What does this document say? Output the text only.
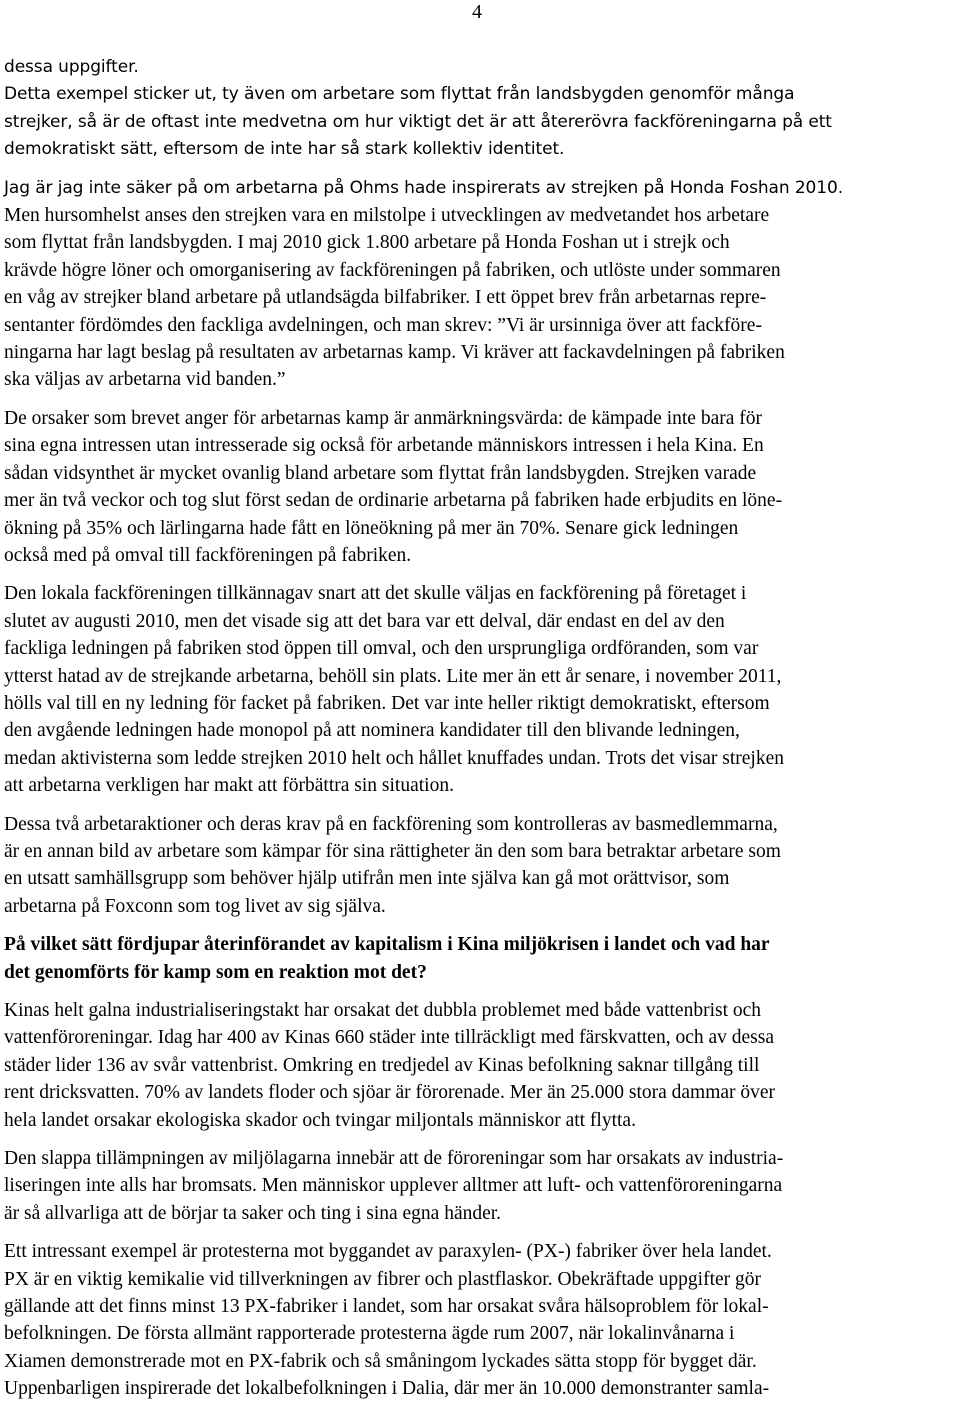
4

dessa uppgifter.

Detta exempel sticker ut, ty även om arbetare som flyttat från landsbygden genomför många
strejker, så är de oftast inte medvetna om hur viktigt det är att återerövra fackföreningarna på ett
demokratiskt sätt, eftersom de inte har så stark kollektiv identitet.

Jag är jag inte säker på om arbetarna på Ohms hade inspirerats av strejken på Honda Foshan 2010.

Men hursomhelst anses den strejken vara en milstolpe i utvecklingen av medvetandet hos arbetare
som flyttat från landsbygden. I maj 2010 gick 1.800 arbetare på Honda Foshan ut i strejk och
krävde högre löner och omorganisering av fackföreningen på fabriken, och utlöste under sommaren
en våg av strejker bland arbetare på utlandsägda bilfabriker. I ett öppet brev från arbetarnas repre-
sentanter fördömdes den fackliga avdelningen, och man skrev: ”Vi är ursinniga över att fackföre-
ningarna har lagt beslag på resultaten av arbetarnas kamp. Vi kräver att fackavdelningen på fabriken
ska väljas av arbetarna vid banden.”

De orsaker som brevet anger för arbetarnas kamp är anmärkningsvärda: de kämpade inte bara för
sina egna intressen utan intresserade sig också för arbetande människors intressen i hela Kina. En
sådan vidsynthet är mycket ovanlig bland arbetare som flyttat från landsbygden. Strejken varade
mer än två veckor och tog slut först sedan de ordinarie arbetarna på fabriken hade erbjudits en löne-
ökning på 35% och lärlingarna hade fått en löneökning på mer än 70%. Senare gick ledningen
också med på omval till fackföreningen på fabriken.

Den lokala fackföreningen tillkännagav snart att det skulle väljas en fackförening på företaget i
slutet av augusti 2010, men det visade sig att det bara var ett delval, där endast en del av den
fackliga ledningen på fabriken stod öppen till omval, och den ursprungliga ordföranden, som var
ytterst hatad av de strejkande arbetarna, behöll sin plats. Lite mer än ett år senare, i november 2011,
hölls val till en ny ledning för facket på fabriken. Det var inte heller riktigt demokratiskt, eftersom
den avgående ledningen hade monopol på att nominera kandidater till den blivande ledningen,
medan aktivisterna som ledde strejken 2010 helt och hållet knuffades undan. Trots det visar strejken
att arbetarna verkligen har makt att förbättra sin situation.

Dessa två arbetaraktioner och deras krav på en fackförening som kontrolleras av basmedlemmarna,
är en annan bild av arbetare som kämpar för sina rättigheter än den som bara betraktar arbetare som
en utsatt samhällsgrupp som behöver hjälp utifrån men inte själva kan gå mot orättvisor, som
arbetarna på Foxconn som tog livet av sig själva.

På vilket sätt fördjupar återinförandet av kapitalism i Kina miljökrisen i landet och vad har
det genomförts för kamp som en reaktion mot det?

Kinas helt galna industrialiseringstakt har orsakat det dubbla problemet med både vattenbrist och
vattenföroreningar. Idag har 400 av Kinas 660 städer inte tillräckligt med färskvatten, och av dessa
städer lider 136 av svår vattenbrist. Omkring en tredjedel av Kinas befolkning saknar tillgång till
rent dricksvatten. 70% av landets floder och sjöar är förorenade. Mer än 25.000 stora dammar över
hela landet orsakar ekologiska skador och tvingar miljontals människor att flytta.

Den slappa tillämpningen av miljölagarna innebär att de föroreningar som har orsakats av industria-
liseringen inte alls har bromsats. Men människor upplever alltmer att luft- och vattenföroreningarna
är så allvarliga att de börjar ta saker och ting i sina egna händer.

Ett intressant exempel är protesterna mot byggandet av paraxylen- (PX-) fabriker över hela landet.
PX är en viktig kemikalie vid tillverkningen av fibrer och plastflaskor. Obekräftade uppgifter gör
gällande att det finns minst 13 PX-fabriker i landet, som har orsakat svåra hälsoproblem för lokal-
befolkningen. De första allmänt rapporterade protesterna ägde rum 2007, när lokalinvånarna i
Xiamen demonstrerade mot en PX-fabrik och så småningom lyckades sätta stopp för bygget där.
Uppenbarligen inspirerade det lokalbefolkningen i Dalia, där mer än 10.000 demonstranter samla-
